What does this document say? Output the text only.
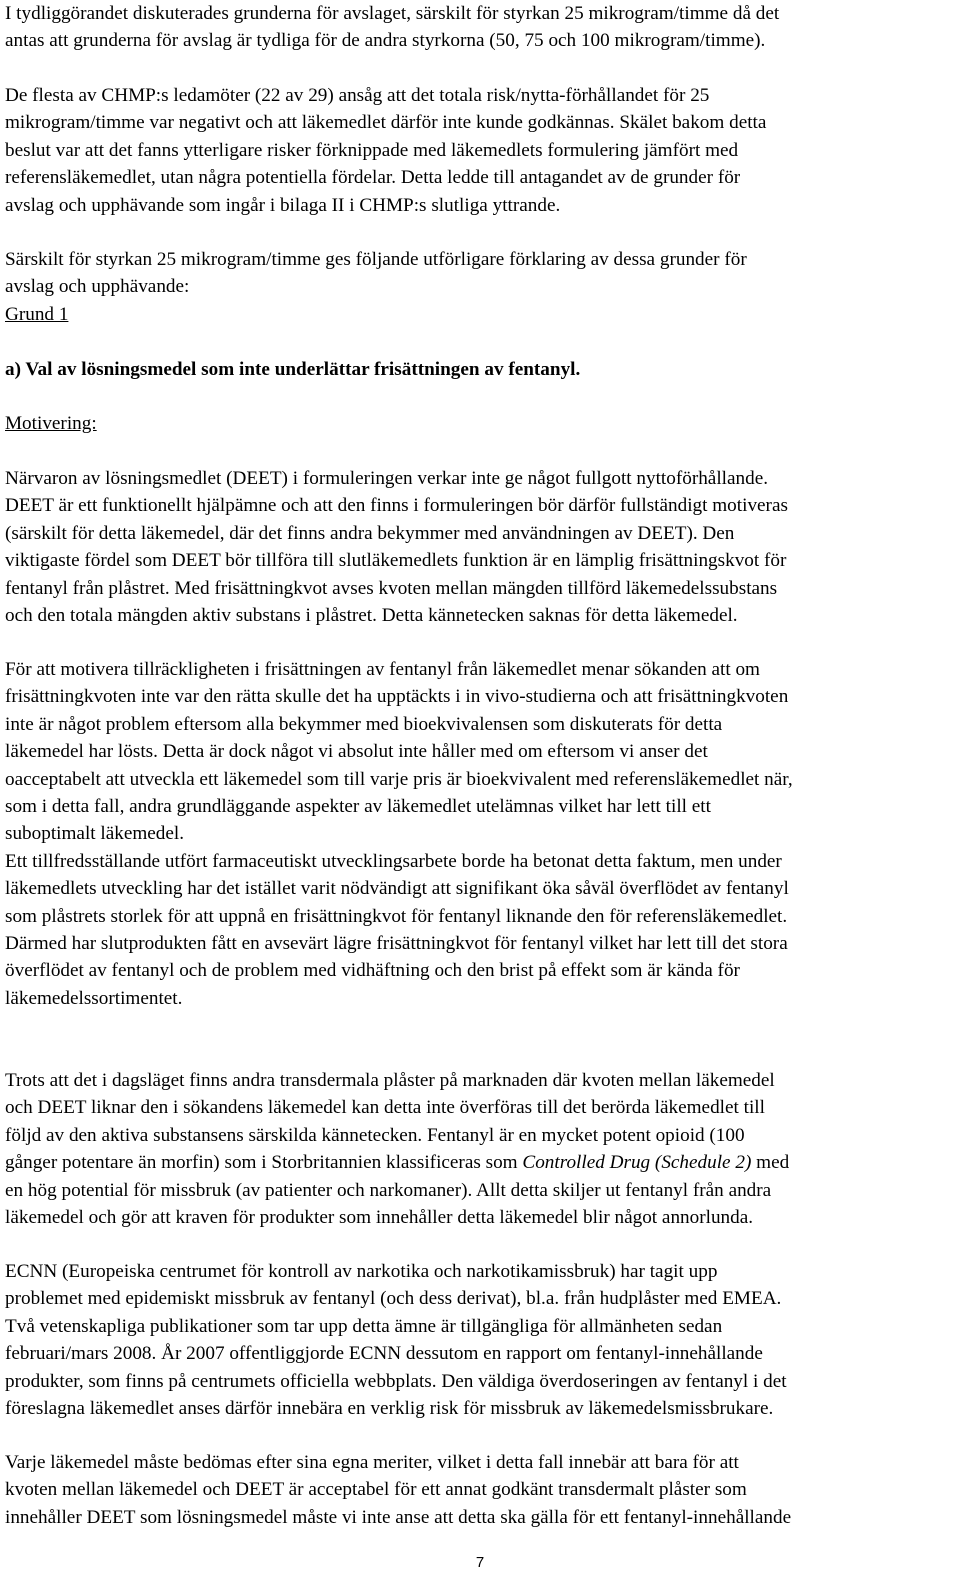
I tydliggörandet diskuterades grunderna för avslaget, särskilt för styrkan 25 mikrogram/timme då det
antas att grunderna för avslag är tydliga för de andra styrkorna (50, 75 och 100 mikrogram/timme).

De flesta av CHMP:s ledamöter (22 av 29) ansåg att det totala risk/nytta-förhållandet för 25
mikrogram/timme var negativt och att läkemedlet därför inte kunde godkännas. Skälet bakom detta
beslut var att det fanns ytterligare risker förknippade med läkemedlets formulering jämfört med
referensläkemedlet, utan några potentiella fördelar. Detta ledde till antagandet av de grunder för
avslag och upphävande som ingår i bilaga II i CHMP:s slutliga yttrande.

Särskilt för styrkan 25 mikrogram/timme ges följande utförligare förklaring av dessa grunder för
avslag och upphävande:

Grund 1

a) Val av lösningsmedel som inte underlättar frisättningen av fentanyl.

Motivering:

Närvaron av lösningsmedlet (DEET) i formuleringen verkar inte ge något fullgott nyttoförhållande.
DEET är ett funktionellt hjälpämne och att den finns i formuleringen bör därför fullständigt motiveras
(särskilt för detta läkemedel, där det finns andra bekymmer med användningen av DEET). Den
viktigaste fördel som DEET bör tillföra till slutläkemedlets funktion är en lämplig frisättningskvot för
fentanyl från plåstret. Med frisättningkvot avses kvoten mellan mängden tillförd läkemedelssubstans
och den totala mängden aktiv substans i plåstret. Detta kännetecken saknas för detta läkemedel.

För att motivera tillräckligheten i frisättningen av fentanyl från läkemedlet menar sökanden att om
frisättningkvoten inte var den rätta skulle det ha upptäckts i in vivo-studierna och att frisättningkvoten
inte är något problem eftersom alla bekymmer med bioekvivalensen som diskuterats för detta
läkemedel har lösts. Detta är dock något vi absolut inte håller med om eftersom vi anser det
oacceptabelt att utveckla ett läkemedel som till varje pris är bioekvivalent med referensläkemedlet när,
som i detta fall, andra grundläggande aspekter av läkemedlet utelämnas vilket har lett till ett
suboptimalt läkemedel.
Ett tillfredsställande utfört farmaceutiskt utvecklingsarbete borde ha betonat detta faktum, men under
läkemedlets utveckling har det istället varit nödvändigt att signifikant öka såväl överflödet av fentanyl
som plåstrets storlek för att uppnå en frisättningkvot för fentanyl liknande den för referensläkemedlet.
Därmed har slutprodukten fått en avsevärt lägre frisättningkvot för fentanyl vilket har lett till det stora
överflödet av fentanyl och de problem med vidhäftning och den brist på effekt som är kända för
läkemedelssortimentet.

Trots att det i dagsläget finns andra transdermala plåster på marknaden där kvoten mellan läkemedel
och DEET liknar den i sökandens läkemedel kan detta inte överföras till det berörda läkemedlet till
följd av den aktiva substansens särskilda kännetecken. Fentanyl är en mycket potent opioid (100
gånger potentare än morfin) som i Storbritannien klassificeras som Controlled Drug (Schedule 2) med
en hög potential för missbruk (av patienter och narkomaner). Allt detta skiljer ut fentanyl från andra
läkemedel och gör att kraven för produkter som innehåller detta läkemedel blir något annorlunda.

ECNN (Europeiska centrumet för kontroll av narkotika och narkotikamissbruk) har tagit upp
problemet med epidemiskt missbruk av fentanyl (och dess derivat), bl.a. från hudplåster med EMEA.
Två vetenskapliga publikationer som tar upp detta ämne är tillgängliga för allmänheten sedan
februari/mars 2008. År 2007 offentliggjorde ECNN dessutom en rapport om fentanyl-innehållande
produkter, som finns på centrumets officiella webbplats. Den väldiga överdoseringen av fentanyl i det
föreslagna läkemedlet anses därför innebära en verklig risk för missbruk av läkemedelsmissbrukare.

Varje läkemedel måste bedömas efter sina egna meriter, vilket i detta fall innebär att bara för att
kvoten mellan läkemedel och DEET är acceptabel för ett annat godkänt transdermalt plåster som
innehåller DEET som lösningsmedel måste vi inte anse att detta ska gälla för ett fentanyl-innehållande

7
